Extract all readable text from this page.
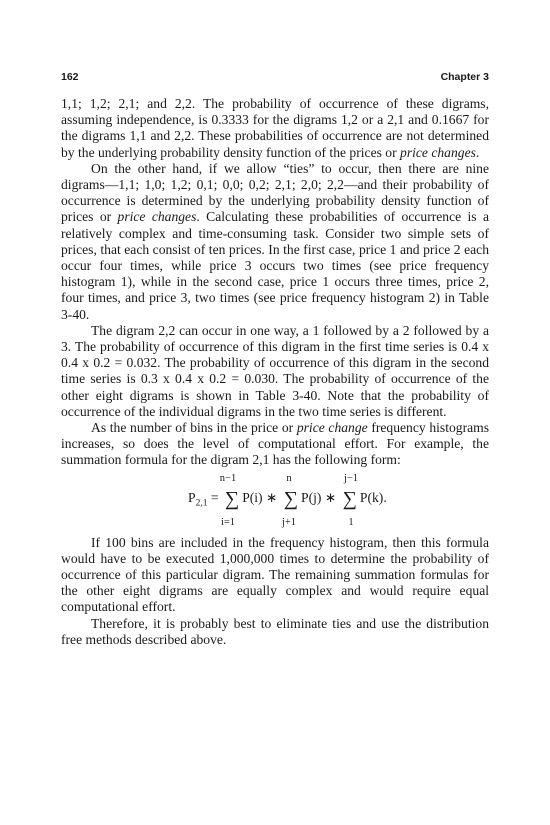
162	Chapter 3

1,1; 1,2; 2,1; and 2,2. The probability of occurrence of these digrams, assuming independence, is 0.3333 for the digrams 1,2 or a 2,1 and 0.1667 for the digrams 1,1 and 2,2. These probabilities of occurrence are not determined by the underlying probability density function of the prices or price changes.

On the other hand, if we allow “ties” to occur, then there are nine digrams—1,1; 1,0; 1,2; 0,1; 0,0; 0,2; 2,1; 2,0; 2,2—and their probability of occurrence is determined by the underlying probability density function of prices or price changes. Calculating these probabilities of occurrence is a relatively complex and time-consuming task. Consider two simple sets of prices, that each consist of ten prices. In the first case, price 1 and price 2 each occur four times, while price 3 occurs two times (see price frequency histogram 1), while in the second case, price 1 occurs three times, price 2, four times, and price 3, two times (see price frequency histogram 2) in Table 3-40.

The digram 2,2 can occur in one way, a 1 followed by a 2 followed by a 3. The probability of occurrence of this digram in the first time series is 0.4 x 0.4 x 0.2 = 0.032. The probability of occurrence of this digram in the second time series is 0.3 x 0.4 x 0.2 = 0.030. The probability of occurrence of the other eight digrams is shown in Table 3-40. Note that the probability of occurrence of the individual digrams in the two time series is different.

As the number of bins in the price or price change frequency histograms increases, so does the level of computational effort. For example, the summation formula for the digram 2,1 has the following form:

n−1	n	j−1
$P_{2,1}$ = ∑ P(i) ∗ ∑ P(j) ∗ ∑ P(k).
i=1	j+1	1

If 100 bins are included in the frequency histogram, then this formula would have to be executed 1,000,000 times to determine the probability of occurrence of this particular digram. The remaining summation formulas for the other eight digrams are equally complex and would require equal computational effort.

Therefore, it is probably best to eliminate ties and use the distribution free methods described above.
